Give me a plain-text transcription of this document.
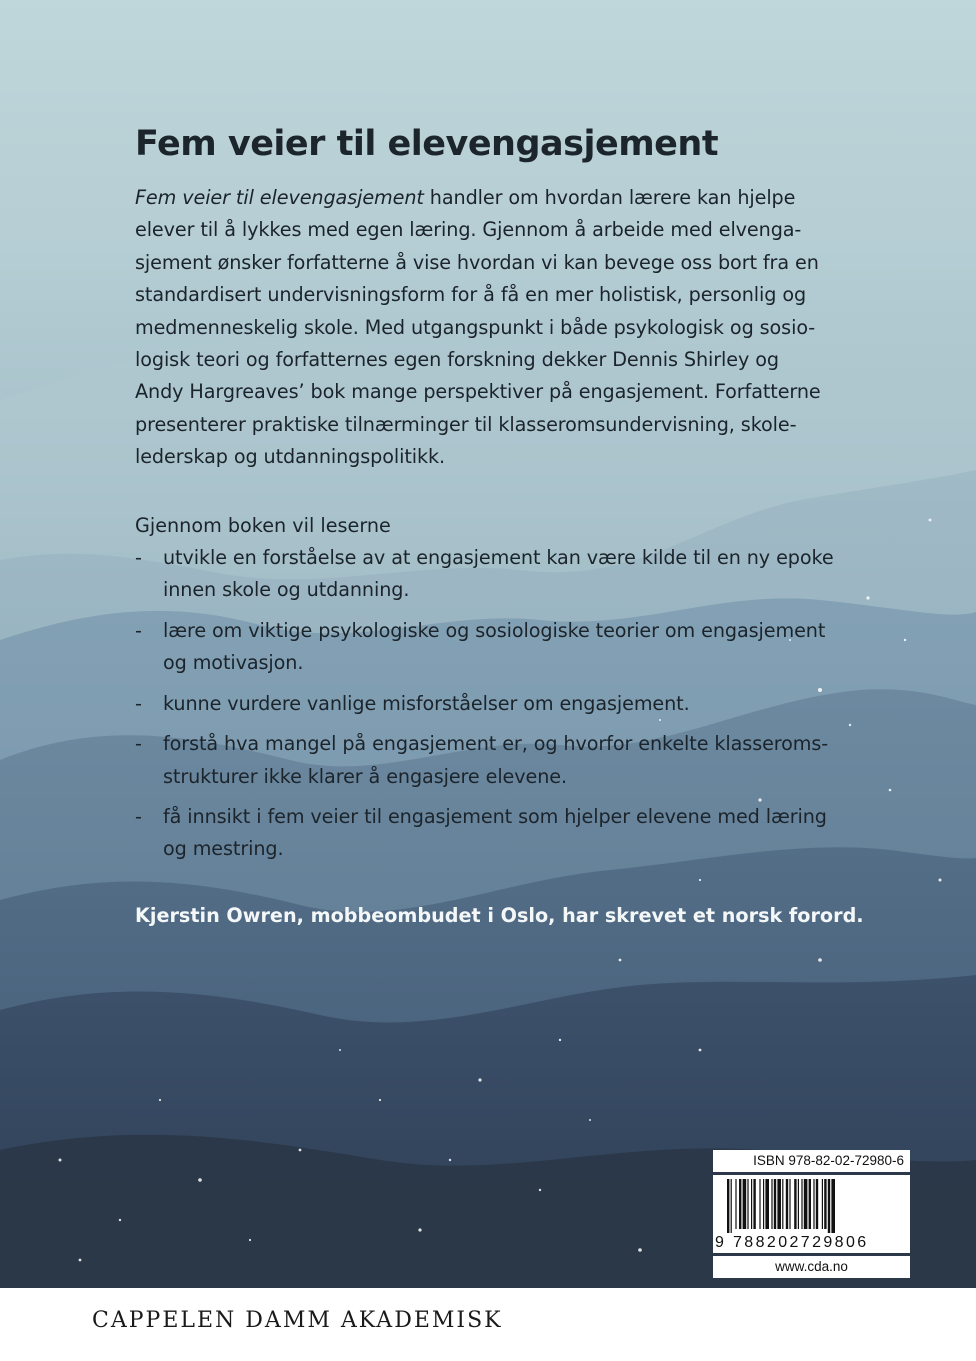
Fem veier til elevengasjement

Fem veier til elevengasjement handler om hvordan lærere kan hjelpe
elever til å lykkes med egen læring. Gjennom å arbeide med elvenga-
sjement ønsker forfatterne å vise hvordan vi kan bevege oss bort fra en
standardisert undervisningsform for å få en mer holistisk, personlig og
medmenneskelig skole. Med utgangspunkt i både psykologisk og sosio-
logisk teori og forfatternes egen forskning dekker Dennis Shirley og
Andy Hargreaves’ bok mange perspektiver på engasjement. Forfatterne
presenterer praktiske tilnærminger til klasseromsundervisning, skole-
lederskap og utdanningspolitikk.

Gjennom boken vil leserne

- utvikle en forståelse av at engasjement kan være kilde til en ny epoke
innen skole og utdanning.
- lære om viktige psykologiske og sosiologiske teorier om engasjement
og motivasjon.
- kunne vurdere vanlige misforståelser om engasjement.
- forstå hva mangel på engasjement er, og hvorfor enkelte klasseroms-
strukturer ikke klarer å engasjere elevene.
- få innsikt i fem veier til engasjement som hjelper elevene med læring
og mestring.

Kjerstin Owren, mobbeombudet i Oslo, har skrevet et norsk forord.

ISBN 978-82-02-72980-6
9 788202729806
www.cda.no
CAPPELEN DAMM AKADEMISK
